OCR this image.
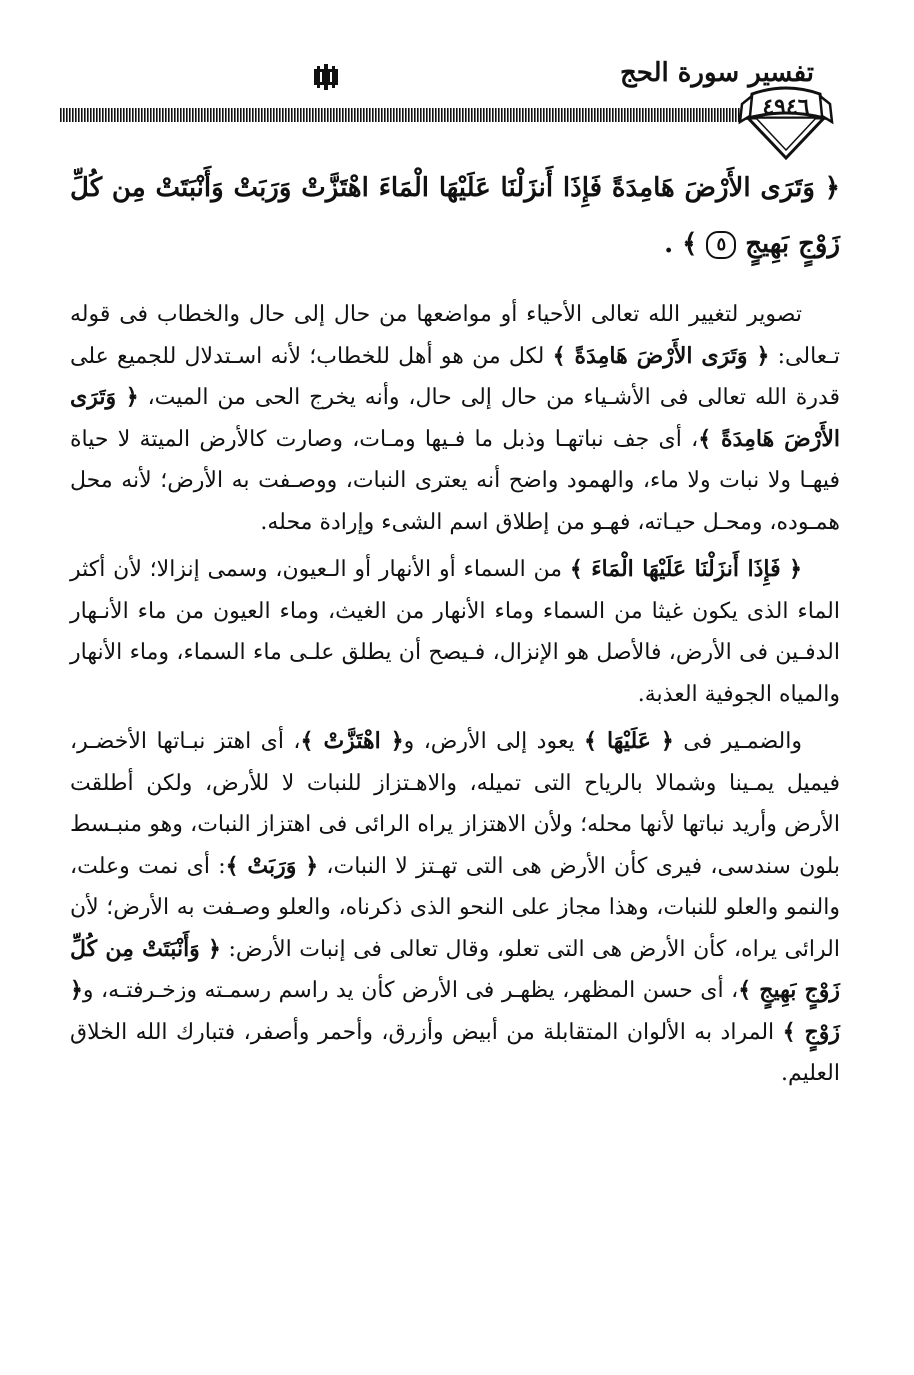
تفسير سورة الحج
٤٩٤٦

﴿ وَتَرَى الأَرْضَ هَامِدَةً فَإِذَا أَنزَلْنَا عَلَيْهَا الْمَاءَ اهْتَزَّتْ وَرَبَتْ وَأَنْبَتَتْ مِن كُلِّ زَوْجٍ بَهِيجٍ ٥ ﴾ .

تصوير لتغيير الله تعالى الأحياء أو مواضعها من حال إلى حال والخطاب فى قوله تـعالى: ﴿ وَتَرَى الأَرْضَ هَامِدَةً ﴾ لكل من هو أهل للخطاب؛ لأنه اسـتدلال للجميع على قدرة الله تعالى فى الأشـياء من حال إلى حال، وأنه يخرج الحى من الميت، ﴿ وَتَرَى الأَرْضَ هَامِدَةً ﴾، أى جف نباتهـا وذبل ما فـيها ومـات، وصارت كالأرض الميتة لا حياة فيهـا ولا نبات ولا ماء، والهمود واضح أنه يعترى النبات، ووصـفت به الأرض؛ لأنه محل همـوده، ومحـل حيـاته، فهـو من إطلاق اسم الشىء وإرادة محله.

﴿ فَإِذَا أَنزَلْنَا عَلَيْهَا الْمَاءَ ﴾ من السماء أو الأنهار أو الـعيون، وسمى إنزالا؛ لأن أكثر الماء الذى يكون غيثا من السماء وماء الأنهار من الغيث، وماء العيون من ماء الأنـهار الدفـين فى الأرض، فالأصل هو الإنزال، فـيصح أن يطلق علـى ماء السماء، وماء الأنهار والمياه الجوفية العذبة.

والضمـير فى ﴿ عَلَيْهَا ﴾ يعود إلى الأرض، و﴿ اهْتَزَّتْ ﴾، أى اهتز نبـاتها الأخضـر، فيميل يمـينا وشمالا بالرياح التى تميله، والاهـتزاز للنبات لا للأرض، ولكن أطلقت الأرض وأريد نباتها لأنها محله؛ ولأن الاهتزاز يراه الرائى فى اهتزاز النبات، وهو منبـسط بلون سندسى، فيرى كأن الأرض هى التى تهـتز لا النبات، ﴿ وَرَبَتْ ﴾: أى نمت وعلت، والنمو والعلو للنبات، وهذا مجاز على النحو الذى ذكرناه، والعلو وصـفت به الأرض؛ لأن الرائى يراه، كأن الأرض هى التى تعلو، وقال تعالى فى إنبات الأرض: ﴿ وَأَنْبَتَتْ مِن كُلِّ زَوْجٍ بَهِيجٍ ﴾، أى حسن المظهر، يظهـر فى الأرض كأن يد راسم رسمـته وزخـرفتـه، و﴿ زَوْجٍ ﴾ المراد به الألوان المتقابلة من أبيض وأزرق، وأحمر وأصفر، فتبارك الله الخلاق العليم.
